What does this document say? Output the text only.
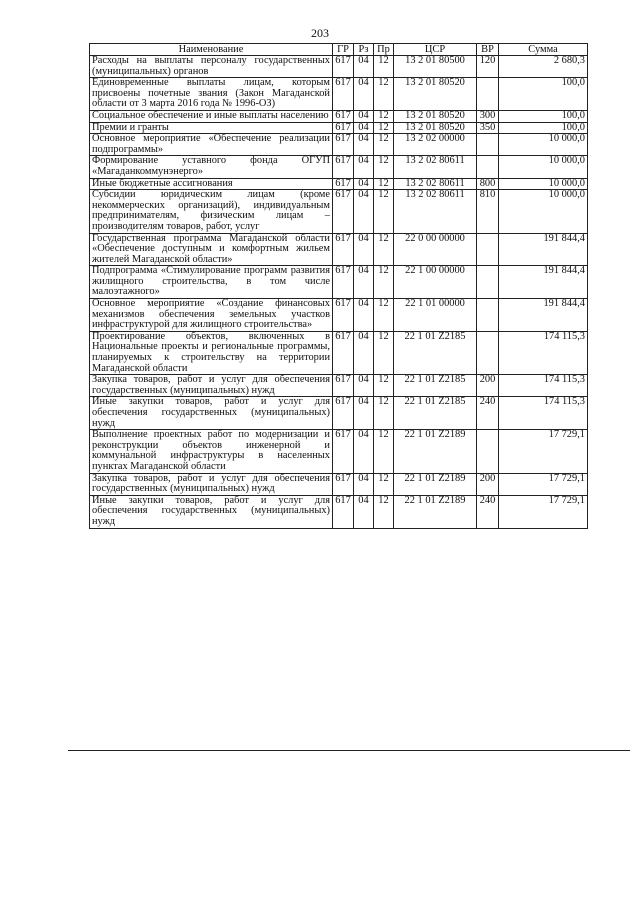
203
Наименование	ГР	Рз	Пр	ЦСР	ВР	Сумма
Расходы на выплаты персоналу государственных (муниципальных) органов	617	04	12	13 2 01 80500	120	2 680,3
Единовременные выплаты лицам, которым присвоены почетные звания (Закон Магаданской области от 3 марта 2016 года № 1996-ОЗ)	617	04	12	13 2 01 80520		100,0
Социальное обеспечение и иные выплаты населению	617	04	12	13 2 01 80520	300	100,0
Премии и гранты	617	04	12	13 2 01 80520	350	100,0
Основное мероприятие «Обеспечение реализации подпрограммы»	617	04	12	13 2 02 00000		10 000,0
Формирование уставного фонда ОГУП «Магаданкоммунэнерго»	617	04	12	13 2 02 80611		10 000,0
Иные бюджетные ассигнования	617	04	12	13 2 02 80611	800	10 000,0
Субсидии юридическим лицам (кроме некоммерческих организаций), индивидуальным предпринимателям, физическим лицам – производителям товаров, работ, услуг	617	04	12	13 2 02 80611	810	10 000,0
Государственная программа Магаданской области «Обеспечение доступным и комфортным жильем жителей Магаданской области»	617	04	12	22 0 00 00000		191 844,4
Подпрограмма «Стимулирование программ развития жилищного строительства, в том числе малоэтажного»	617	04	12	22 1 00 00000		191 844,4
Основное мероприятие «Создание финансовых механизмов обеспечения земельных участков инфраструктурой для жилищного строительства»	617	04	12	22 1 01 00000		191 844,4
Проектирование объектов, включенных в Национальные проекты и региональные программы, планируемых к строительству на территории Магаданской области	617	04	12	22 1 01 Z2185		174 115,3
Закупка товаров, работ и услуг для обеспечения государственных (муниципальных) нужд	617	04	12	22 1 01 Z2185	200	174 115,3
Иные закупки товаров, работ и услуг для обеспечения государственных (муниципальных) нужд	617	04	12	22 1 01 Z2185	240	174 115,3
Выполнение проектных работ по модернизации и реконструкции объектов инженерной и коммунальной инфраструктуры в населенных пунктах Магаданской области	617	04	12	22 1 01 Z2189		17 729,1
Закупка товаров, работ и услуг для обеспечения государственных (муниципальных) нужд	617	04	12	22 1 01 Z2189	200	17 729,1
Иные закупки товаров, работ и услуг для обеспечения государственных (муниципальных) нужд	617	04	12	22 1 01 Z2189	240	17 729,1
